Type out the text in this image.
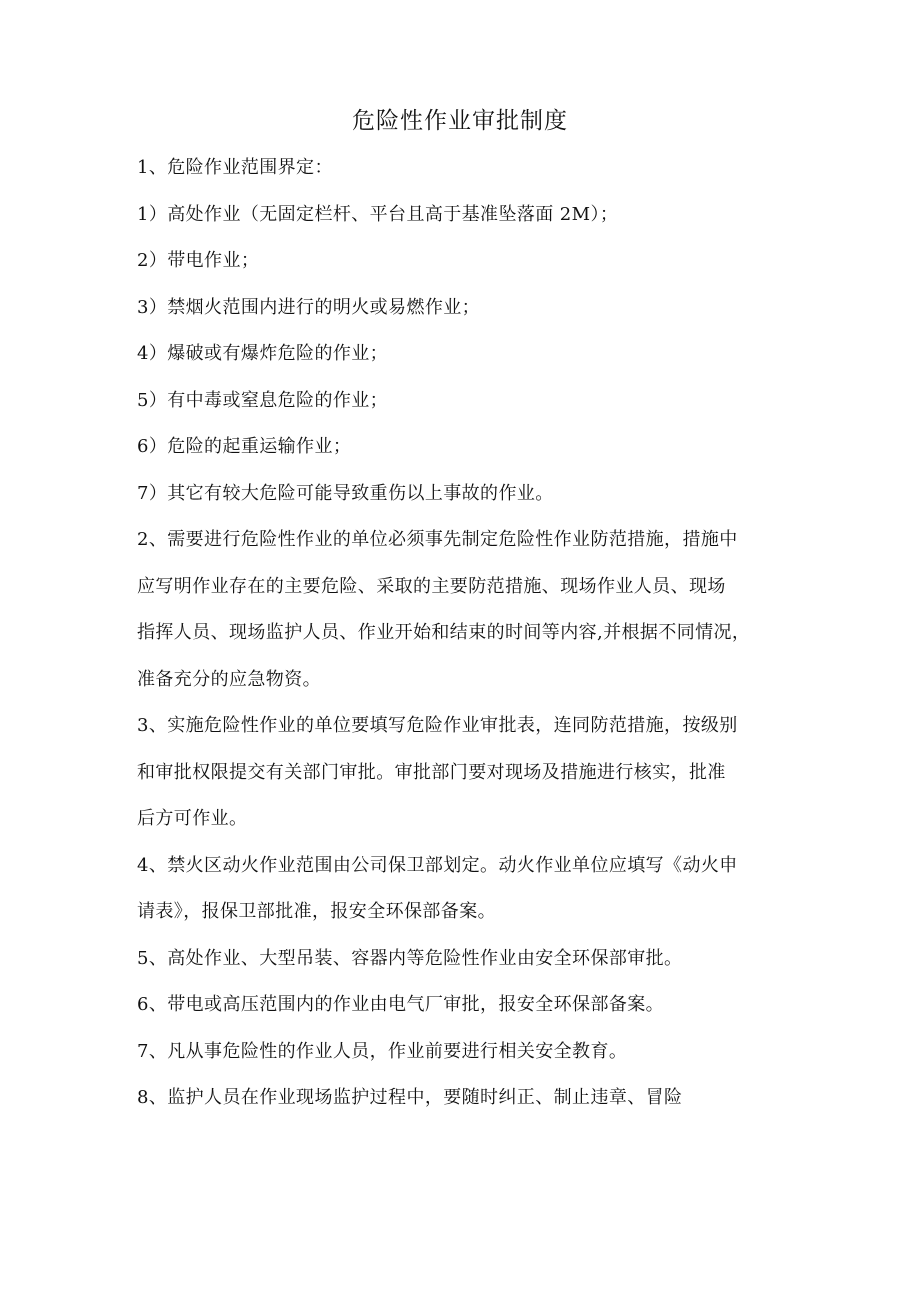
危险性作业审批制度
1、危险作业范围界定：
1）高处作业（无固定栏杆、平台且高于基准坠落面 2M）；
2）带电作业；
3）禁烟火范围内进行的明火或易燃作业；
4）爆破或有爆炸危险的作业；
5）有中毒或窒息危险的作业；
6）危险的起重运输作业；
7）其它有较大危险可能导致重伤以上事故的作业。
2、需要进行危险性作业的单位必须事先制定危险性作业防范措施，措施中
应写明作业存在的主要危险、采取的主要防范措施、现场作业人员、现场
指挥人员、现场监护人员、作业开始和结束的时间等内容,并根据不同情况，
准备充分的应急物资。
3、实施危险性作业的单位要填写危险作业审批表，连同防范措施，按级别
和审批权限提交有关部门审批。审批部门要对现场及措施进行核实，批准
后方可作业。
4、禁火区动火作业范围由公司保卫部划定。动火作业单位应填写《动火申
请表》，报保卫部批准，报安全环保部备案。
5、高处作业、大型吊装、容器内等危险性作业由安全环保部审批。
6、带电或高压范围内的作业由电气厂审批，报安全环保部备案。
7、凡从事危险性的作业人员，作业前要进行相关安全教育。
8、监护人员在作业现场监护过程中，要随时纠正、制止违章、冒险
